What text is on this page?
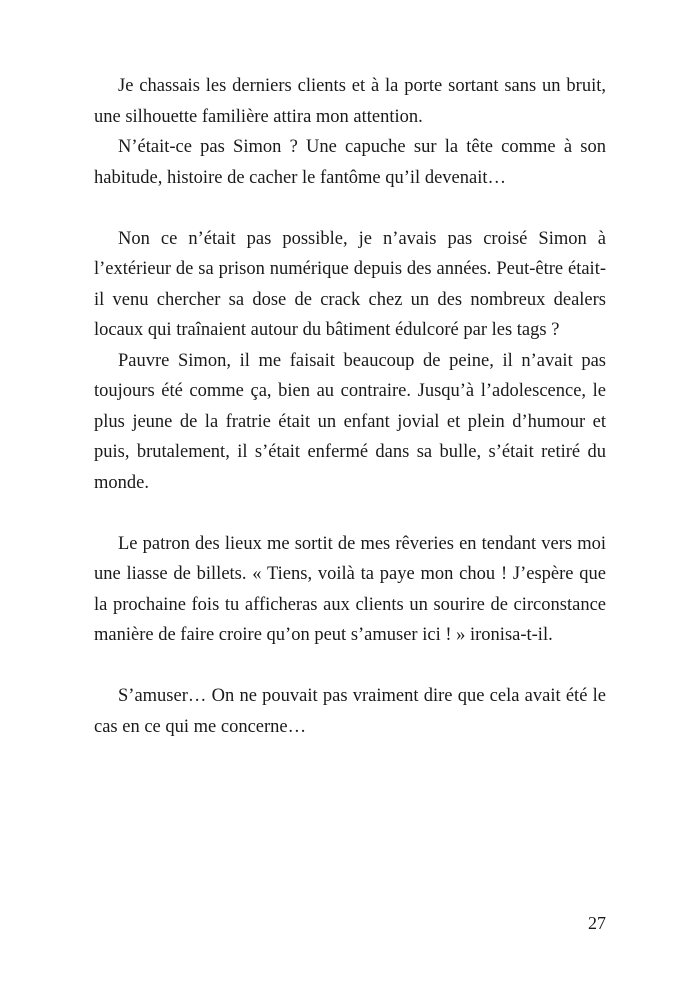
Je chassais les derniers clients et à la porte sortant sans un bruit, une silhouette familière attira mon attention.

N’était-ce pas Simon ? Une capuche sur la tête comme à son habitude, histoire de cacher le fantôme qu’il devenait…

Non ce n’était pas possible, je n’avais pas croisé Simon à l’extérieur de sa prison numérique depuis des années. Peut-être était-il venu chercher sa dose de crack chez un des nombreux dealers locaux qui traînaient autour du bâtiment édulcoré par les tags ?

Pauvre Simon, il me faisait beaucoup de peine, il n’avait pas toujours été comme ça, bien au contraire. Jusqu’à l’adolescence, le plus jeune de la fratrie était un enfant jovial et plein d’humour et puis, brutalement, il s’était enfermé dans sa bulle, s’était retiré du monde.

Le patron des lieux me sortit de mes rêveries en tendant vers moi une liasse de billets. « Tiens, voilà ta paye mon chou ! J’espère que la prochaine fois tu afficheras aux clients un sourire de circonstance manière de faire croire qu’on peut s’amuser ici ! » ironisa-t-il.

S’amuser… On ne pouvait pas vraiment dire que cela avait été le cas en ce qui me concerne…

27
